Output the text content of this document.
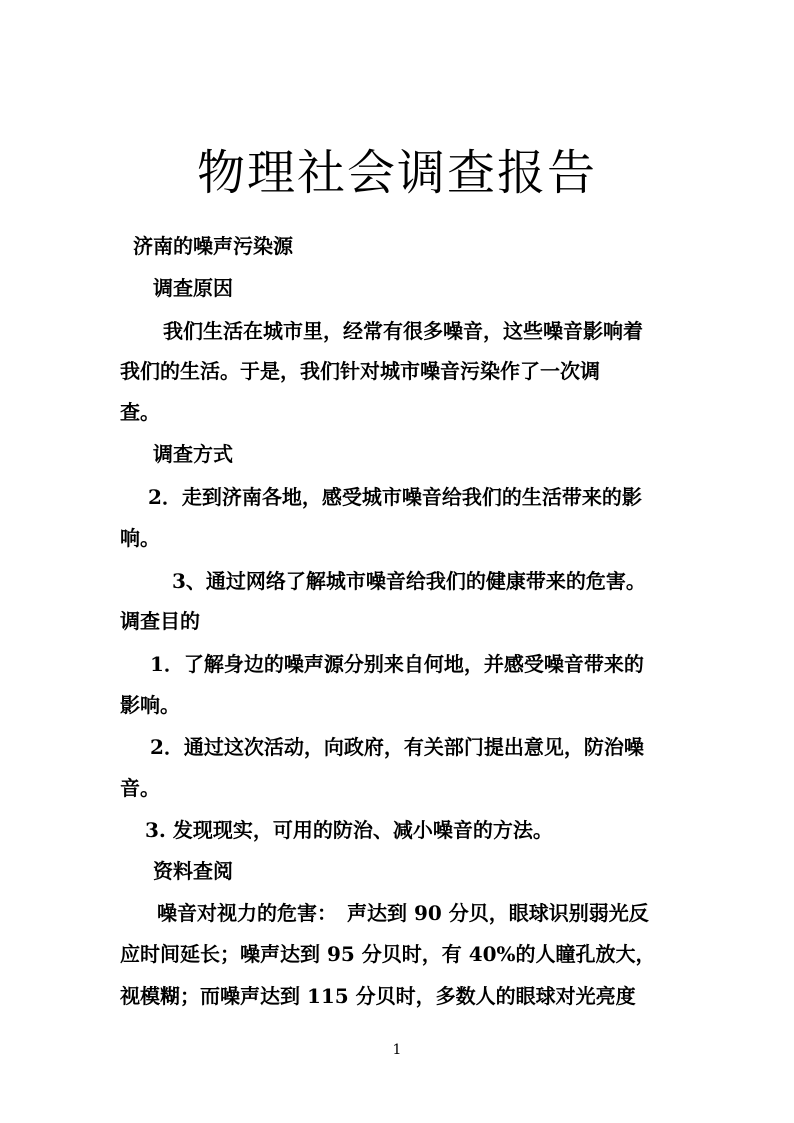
物理社会调查报告

济南的噪声污染源

调查原因

我们生活在城市里，经常有很多噪音，这些噪音影响着

我们的生活。于是，我们针对城市噪音污染作了一次调

查。

调查方式

2．走到济南各地，感受城市噪音给我们的生活带来的影

响。

3、通过网络了解城市噪音给我们的健康带来的危害。

调查目的

1．了解身边的噪声源分别来自何地，并感受噪音带来的

影响。

2．通过这次活动，向政府，有关部门提出意见，防治噪

音。

3. 发现现实，可用的防治、减小噪音的方法。

资料查阅

噪音对视力的危害：　声达到 90 分贝，眼球识别弱光反

应时间延长；噪声达到 95 分贝时，有 40%的人瞳孔放大，

视模糊；而噪声达到 115 分贝时，多数人的眼球对光亮度

1
